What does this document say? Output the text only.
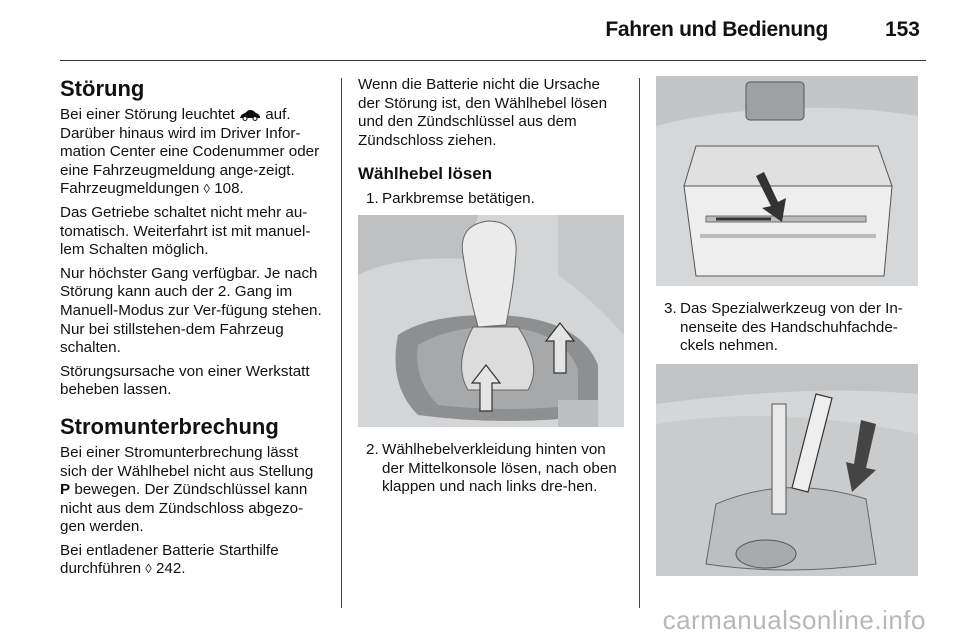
Fahren und Bedienung	153
Störung

Bei einer Störung leuchtet  auf. Darüber hinaus wird im Driver Infor-mation Center eine Codenummer oder eine Fahrzeugmeldung ange-zeigt. Fahrzeugmeldungen ◊ 108.

Das Getriebe schaltet nicht mehr au-tomatisch. Weiterfahrt ist mit manuel-lem Schalten möglich.

Nur höchster Gang verfügbar. Je nach Störung kann auch der 2. Gang im Manuell-Modus zur Ver-fügung stehen. Nur bei stillstehen-dem Fahrzeug schalten.

Störungsursache von einer Werkstatt beheben lassen.

Stromunterbrechung

Bei einer Stromunterbrechung lässt sich der Wählhebel nicht aus Stellung P bewegen. Der Zündschlüssel kann nicht aus dem Zündschloss abgezo-gen werden.

Bei entladener Batterie Starthilfe durchführen ◊ 242.

Wenn die Batterie nicht die Ursache der Störung ist, den Wählhebel lösen und den Zündschlüssel aus dem Zündschloss ziehen.

Wählhebel lösen
1. Parkbremse betätigen.
2. Wählhebelverkleidung hinten von der Mittelkonsole lösen, nach oben klappen und nach links dre-hen.
3. Das Spezialwerkzeug von der In-nenseite des Handschuhfachde-ckels nehmen.
carmanualsonline.info
